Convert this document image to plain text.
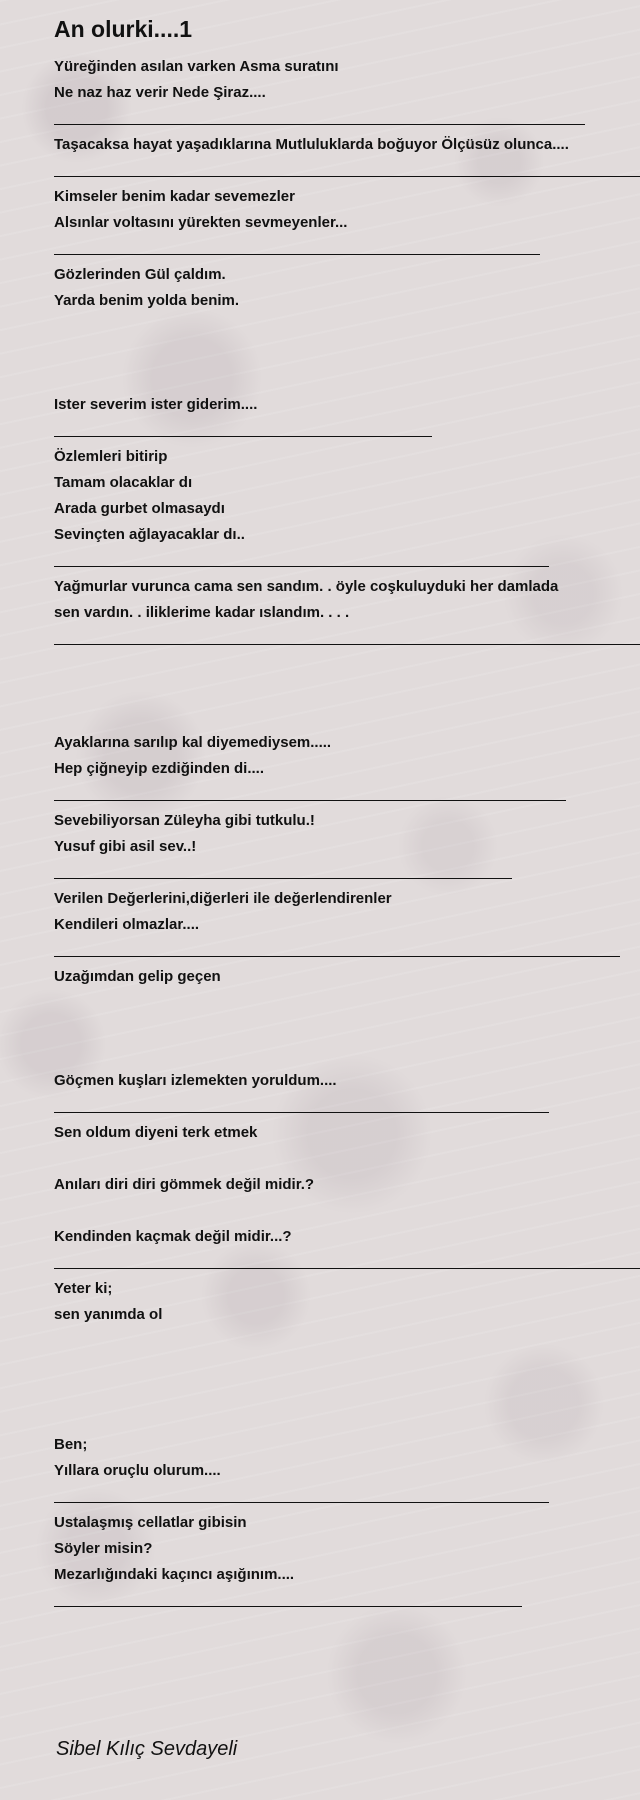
An olurki....1
Yüreğinden asılan varken Asma suratını
Ne naz haz verir Nede Şiraz....
Taşacaksa hayat yaşadıklarına Mutluluklarda boğuyor Ölçüsüz olunca....
Kimseler benim kadar sevemezler
Alsınlar voltasını yürekten sevmeyenler...
Gözlerinden Gül çaldım.
Yarda benim yolda benim.
Ister severim ister giderim....
Özlemleri bitirip
Tamam olacaklar dı
Arada gurbet olmasaydı
Sevinçten ağlayacaklar dı..
Yağmurlar vurunca cama sen sandım. . öyle coşkuluyduki her damlada
sen vardın. . iliklerime kadar ıslandım. . . .
Ayaklarına sarılıp kal diyemediysem.....
Hep çiğneyip ezdiğinden di....
Sevebiliyorsan Züleyha gibi tutkulu.!
Yusuf gibi asil sev..!
Verilen Değerlerini,diğerleri ile değerlendirenler
Kendileri olmazlar....
Uzağımdan gelip geçen
Göçmen kuşları izlemekten yoruldum....
Sen oldum diyeni terk etmek
Anıları diri diri gömmek değil midir.?
Kendinden kaçmak değil midir...?
Yeter ki;
sen yanımda ol
Ben;
Yıllara oruçlu olurum....
Ustalaşmış cellatlar gibisin
Söyler misin?
Mezarlığındaki kaçıncı aşığınım....
Sibel Kılıç Sevdayeli
